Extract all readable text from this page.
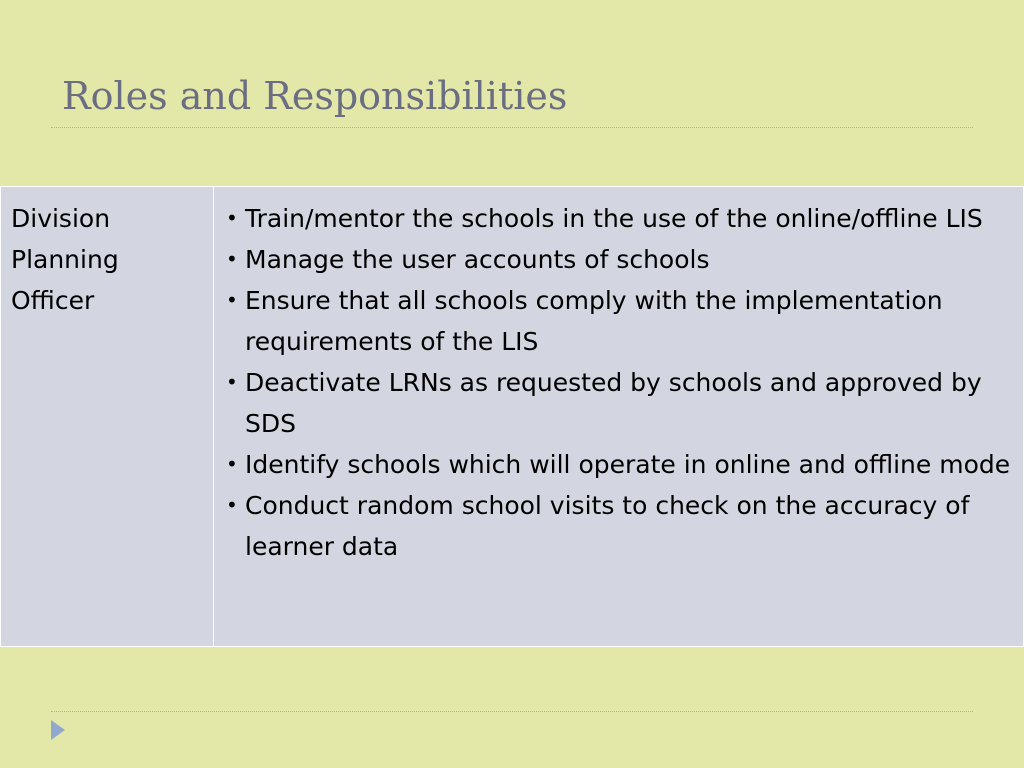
Roles and Responsibilities
Division
Planning
Officer

• Train/mentor the schools in the use of the online/offline LIS
• Manage the user accounts of schools
• Ensure that all schools comply with the implementation requirements of the LIS
• Deactivate LRNs as requested by schools and approved by SDS
• Identify schools which will operate in online and offline mode
• Conduct random school visits to check on the accuracy of learner data
